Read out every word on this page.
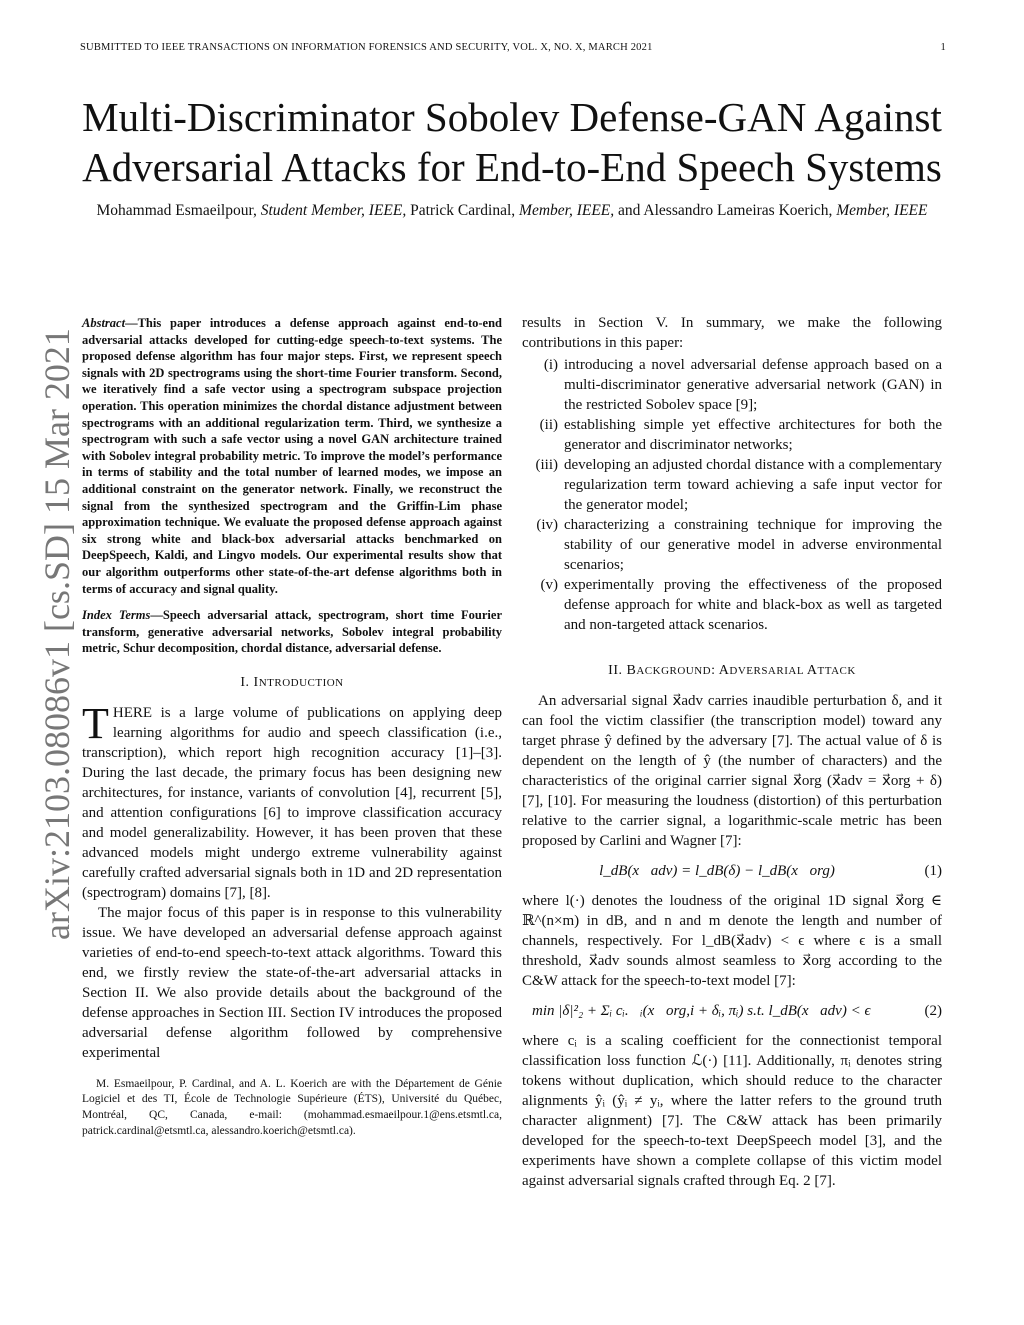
SUBMITTED TO IEEE TRANSACTIONS ON INFORMATION FORENSICS AND SECURITY, VOL. X, NO. X, MARCH 2021	1
Multi-Discriminator Sobolev Defense-GAN Against
Adversarial Attacks for End-to-End Speech Systems
Mohammad Esmaeilpour, Student Member, IEEE, Patrick Cardinal, Member, IEEE, and Alessandro Lameiras Koerich, Member, IEEE
arXiv:2103.08086v1 [cs.SD] 15 Mar 2021

Abstract—This paper introduces a defense approach against end-to-end adversarial attacks developed for cutting-edge speech-to-text systems. The proposed defense algorithm has four major steps. First, we represent speech signals with 2D spectrograms using the short-time Fourier transform. Second, we iteratively find a safe vector using a spectrogram subspace projection operation. This operation minimizes the chordal distance adjustment between spectrograms with an additional regularization term. Third, we synthesize a spectrogram with such a safe vector using a novel GAN architecture trained with Sobolev integral probability metric. To improve the model’s performance in terms of stability and the total number of learned modes, we impose an additional constraint on the generator network. Finally, we reconstruct the signal from the synthesized spectrogram and the Griffin-Lim phase approximation technique. We evaluate the proposed defense approach against six strong white and black-box adversarial attacks benchmarked on DeepSpeech, Kaldi, and Lingvo models. Our experimental results show that our algorithm outperforms other state-of-the-art defense algorithms both in terms of accuracy and signal quality.

Index Terms—Speech adversarial attack, spectrogram, short time Fourier transform, generative adversarial networks, Sobolev integral probability metric, Schur decomposition, chordal distance, adversarial defense.

I. INTRODUCTION

THERE is a large volume of publications on applying deep learning algorithms for audio and speech classification (i.e., transcription), which report high recognition accuracy [1]–[3]. During the last decade, the primary focus has been designing new architectures, for instance, variants of convolution [4], recurrent [5], and attention configurations [6] to improve classification accuracy and model generalizability. However, it has been proven that these advanced models might undergo extreme vulnerability against carefully crafted adversarial signals both in 1D and 2D representation (spectrogram) domains [7], [8].

The major focus of this paper is in response to this vulnerability issue. We have developed an adversarial defense approach against varieties of end-to-end speech-to-text attack algorithms. Toward this end, we firstly review the state-of-the-art adversarial attacks in Section II. We also provide details about the background of the defense approaches in Section III. Section IV introduces the proposed adversarial defense algorithm followed by comprehensive experimental

M. Esmaeilpour, P. Cardinal, and A. L. Koerich are with the Département de Génie Logiciel et des TI, École de Technologie Supérieure (ÉTS), Université du Québec, Montréal, QC, Canada, e-mail: (mohammad.esmaeilpour.1@ens.etsmtl.ca, patrick.cardinal@etsmtl.ca, alessandro.koerich@etsmtl.ca).

results in Section V. In summary, we make the following contributions in this paper:

(i) introducing a novel adversarial defense approach based on a multi-discriminator generative adversarial network (GAN) in the restricted Sobolev space [9];
(ii) establishing simple yet effective architectures for both the generator and discriminator networks;
(iii) developing an adjusted chordal distance with a complementary regularization term toward achieving a safe input vector for the generator model;
(iv) characterizing a constraining technique for improving the stability of our generative model in adverse environmental scenarios;
(v) experimentally proving the effectiveness of the proposed defense approach for white and black-box as well as targeted and non-targeted attack scenarios.
II. BACKGROUND: ADVERSARIAL ATTACK

An adversarial signal x⃗adv carries inaudible perturbation δ, and it can fool the victim classifier (the transcription model) toward any target phrase ŷ defined by the adversary [7]. The actual value of δ is dependent on the length of ŷ (the number of characters) and the characteristics of the original carrier signal x⃗org (x⃗adv = x⃗org + δ) [7], [10]. For measuring the loudness (distortion) of this perturbation relative to the carrier signal, a logarithmic-scale metric has been proposed by Carlini and Wagner [7]:

l_dB(x⃗adv) = l_dB(δ) − l_dB(x⃗org)	(1)

where l(·) denotes the loudness of the original 1D signal x⃗org ∈ ℝ^(n×m) in dB, and n and m denote the length and number of channels, respectively. For l_dB(x⃗adv) < ϵ where ϵ is a small threshold, x⃗adv sounds almost seamless to x⃗org according to the C&W attack for the speech-to-text model [7]:

min |δ|²₂ + Σᵢ cᵢ.ℒᵢ(x⃗org,i + δᵢ, πᵢ) s.t. l_dB(x⃗adv) < ϵ	(2)

where cᵢ is a scaling coefficient for the connectionist temporal classification loss function ℒ(·) [11]. Additionally, πᵢ denotes string tokens without duplication, which should reduce to the character alignments ŷᵢ (ŷᵢ ≠ yᵢ, where the latter refers to the ground truth character alignment) [7]. The C&W attack has been primarily developed for the speech-to-text DeepSpeech model [3], and the experiments have shown a complete collapse of this victim model against adversarial signals crafted through Eq. 2 [7].
